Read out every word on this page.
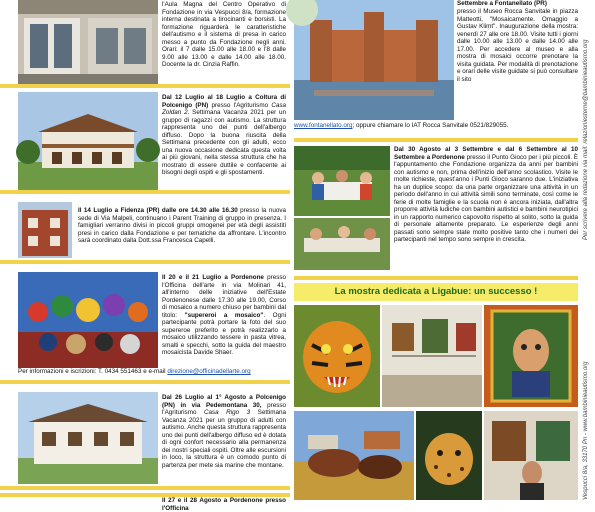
l'Aula Magna del Centro Operativo di Fondazione in via Vespucci 8/a, formazione interna destinata a tirocinanti e borsisti. La formazione riguarderà le caratteristiche dell'autismo e il sistema di presa in carico messo a punto da Fondazione negli anni. Orari: il 7 dalle 15.00 alle 18.00 e l'8 dalle 9.00 alle 13.00 e dalle 14.00 alle 18.00. Docente la dr. Cinzia Raffin.
Dal 12 Luglio al 18 Luglio a Coltura di Polcenigo (PN) presso l'Agriturismo Casa Zoldan 2. Settimana Vacanza 2021 per un gruppo di ragazzi con autismo. La struttura rappresenta uno dei punti dell'albergo diffuso. Dopo la buona riuscita della Settimana precedente con gli adulti, ecco una nuova occasione dedicata questa volta ai più giovani, nella stessa struttura che ha mostrato di essere duttile e confacente ai bisogni degli ospiti e gli spostamenti.
Il 14 Luglio a Fidenza (PR) dalle ore 14.30 alle 16.30 presso la nuova sede di Via Malpeli, continuano i Parent Training di gruppo in presenza. I famigliari verranno divisi in piccoli gruppi omogenei per età degli assistiti presi in carico dalla Fondazione e per tematiche da affrontare. L'incontro sarà coordinato dalla Dott.ssa Francesca Capelli.
Il 20 e il 21 Luglio a Pordenone presso l'Officina dell'arte in via Molinari 41, all'interno delle iniziative dell'Estate Pordenonese dalle 17.30 alle 19.00, Corso di mosaico a numero chiuso per bambini dal titolo: "supereroi a mosaico". Ogni partecipante potrà portare la foto del suo supereroe preferito e potrà realizzarlo a mosaico utilizzando tessere in pasta vitrea, smalti e specchi, sotto la guida del maestro mosaicista Davide Shaer.
Per informazioni e iscrizioni: T. 0434 551463 e e-mail direzione@officinadellarte.org
Dal 26 Luglio al 1° Agosto a Polcenigo (PN) in via Pedemontana 30, presso l'Agriturismo Casa Rigo 3 Settimana Vacanza 2021 per un gruppo di adulti con autismo. Anche questa struttura rappresenta uno dei punti dell'albergo diffuso ed è dotata di ogni confort necessario alla permanenza dei nostri speciali ospiti. Oltre alle escursioni in loco, la struttura è un comodo punto di partenza per mete sia marine che montane.
Il 27 e il 28 Agosto a Pordenone presso l'Officina
Settembre a Fontanellato (PR)
presso il Museo Rocca Sanvitale in piazza Matteotti, "Mosaicamente. Omaggio a Gustav Klimt". Inaugurazione della mostra: venerdì 27 alle ore 18.00. Visite tutti i giorni dalle 10.00 alle 13.00 e dalle 14.00 alle 17.00. Per accedere al museo e alla mostra di mosaici occorre prenotare la visita guidata. Per modalità di prenotazione e orari delle visite guidate si può consultare il sito
www.fontanellato.org; oppure chiamare lo IAT Rocca Sanvitale 0521/829055.
Dal 30 Agosto al 3 Settembre e dal 6 Settembre al 10 Settembre a Pordenone presso il Punto Gioco per i più piccoli. È l'appuntamento che Fondazione organizza da anni per bambini con autismo e non, prima dell'inizio dell'anno scolastico. Visite le molte richieste, quest'anno i Punti Gioco saranno due. L'iniziativa ha un duplice scopo: da una parte organizzare una attività in un periodo dell'anno in cui attività simili sono terminate, così come le ferie di molte famiglie e la scuola non è ancora iniziata, dall'altra proporre attività ludiche con bambini autistici e bambini neurotipici in un rapporto numerico capovolto rispetto al solito, sotto la guida di personale altamente preparato. Le esperienze degli anni passati sono sempre state molto positive tanto che i numeri dei partecipanti nel tempo sono sempre in crescita.
La mostra dedicata a Ligabue: un successo !
Per scrivere alla redazione via mail: relazioniesterne@bambinieautismo.org
Vespucci 8/a, 33170 Pn - www.bambinieautismo.org
